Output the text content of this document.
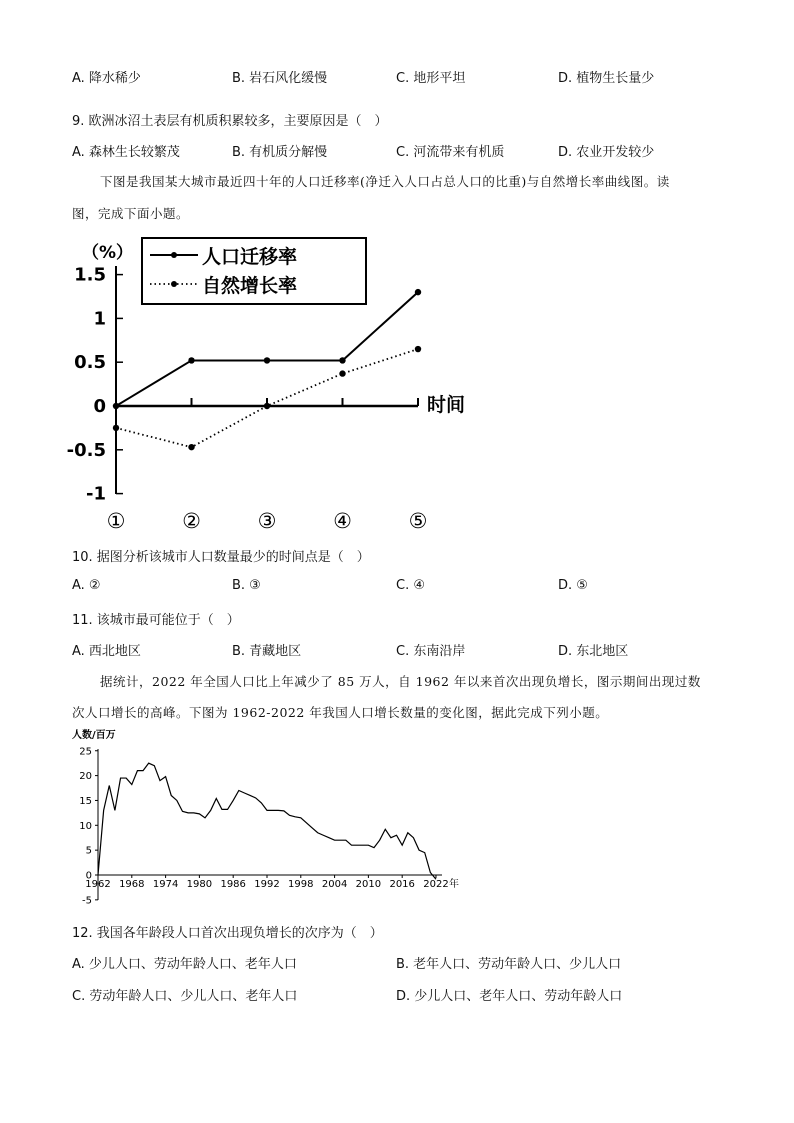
A. 降水稀少	B. 岩石风化缓慢	C. 地形平坦	D. 植物生长量少
9. 欧洲冰沼土表层有机质积累较多，主要原因是（　）
A. 森林生长较繁茂	B. 有机质分解慢	C. 河流带来有机质	D. 农业开发较少
下图是我国某大城市最近四十年的人口迁移率(净迁入人口占总人口的比重)与自然增长率曲线图。读
图，完成下面小题。
（%）
时间
1.5
1
0.5
0
-0.5
-1
①	②	③	④	⑤
人口迁移率
自然增长率
10. 据图分析该城市人口数量最少的时间点是（　）
A. ②	B. ③	C. ④	D. ⑤
11. 该城市最可能位于（　）
A. 西北地区	B. 青藏地区	C. 东南沿岸	D. 东北地区
据统计，2022 年全国人口比上年减少了 85 万人，自 1962 年以来首次出现负增长，图示期间出现过数
次人口增长的高峰。下图为 1962-2022 年我国人口增长数量的变化图，据此完成下列小题。
人数/百万
年
25
20
15
10
5
0
-5
1962 1968 1974 1980 1986 1992 1998 2004 2010 2016 2022
12. 我国各年龄段人口首次出现负增长的次序为（　）
A. 少儿人口、劳动年龄人口、老年人口	B. 老年人口、劳动年龄人口、少儿人口
C. 劳动年龄人口、少儿人口、老年人口	D. 少儿人口、老年人口、劳动年龄人口
